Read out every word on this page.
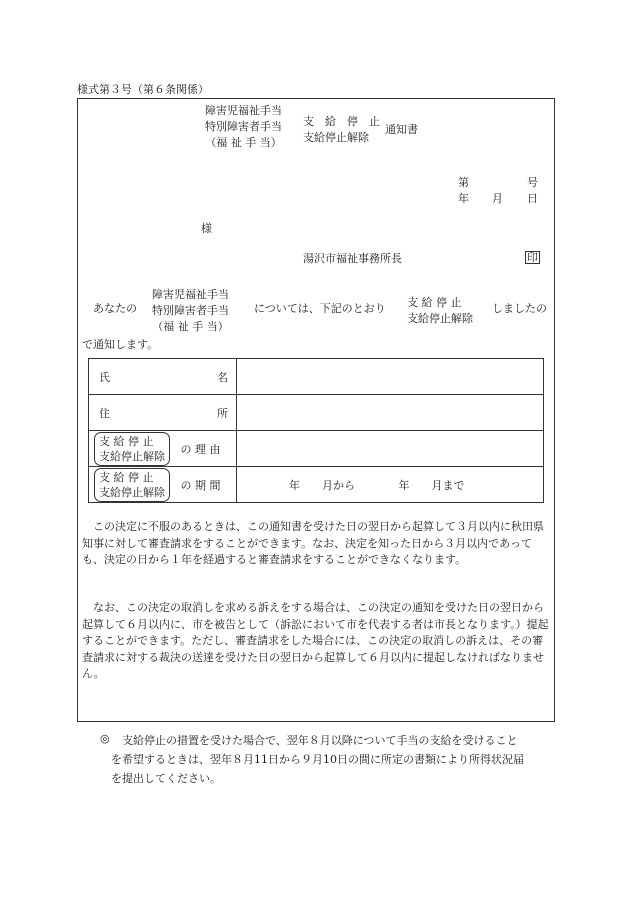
様式第３号（第６条関係）
障害児福祉手当
特別障害者手当
（福 祉 手 当）
支　給　停　止
支給停止解除
通知書
第	号
年 月 日
様
湯沢市福祉事務所長	印
あなたの
障害児福祉手当
特別障害者手当
（福 祉 手 当）
については、下記のとおり 支 給 停 止
支給停止解除
しましたの
で通知します。
氏 名	

住 所	

支 給 停 止
支給停止解除
の 理 由	

支 給 停 止
支給停止解除
の 期 間	年　　月から 年　　月まで
この決定に不服のあるときは、この通知書を受けた日の翌日から起算して３月以内に秋田県知事に対して審査請求をすることができます。なお、決定を知った日から３月以内であっても、決定の日から１年を経過すると審査請求をすることができなくなります。
なお、この決定の取消しを求める訴えをする場合は、この決定の通知を受けた日の翌日から起算して６月以内に、市を被告として（訴訟において市を代表する者は市長となります。）提起することができます。ただし、審査請求をした場合には、この決定の取消しの訴えは、その審査請求に対する裁決の送達を受けた日の翌日から起算して６月以内に提起しなければなりません。
◎ 支給停止の措置を受けた場合で、翌年８月以降について手当の支給を受けること
を希望するときは、翌年８月11日から９月10日の間に所定の書類により所得状況届
を提出してください。
